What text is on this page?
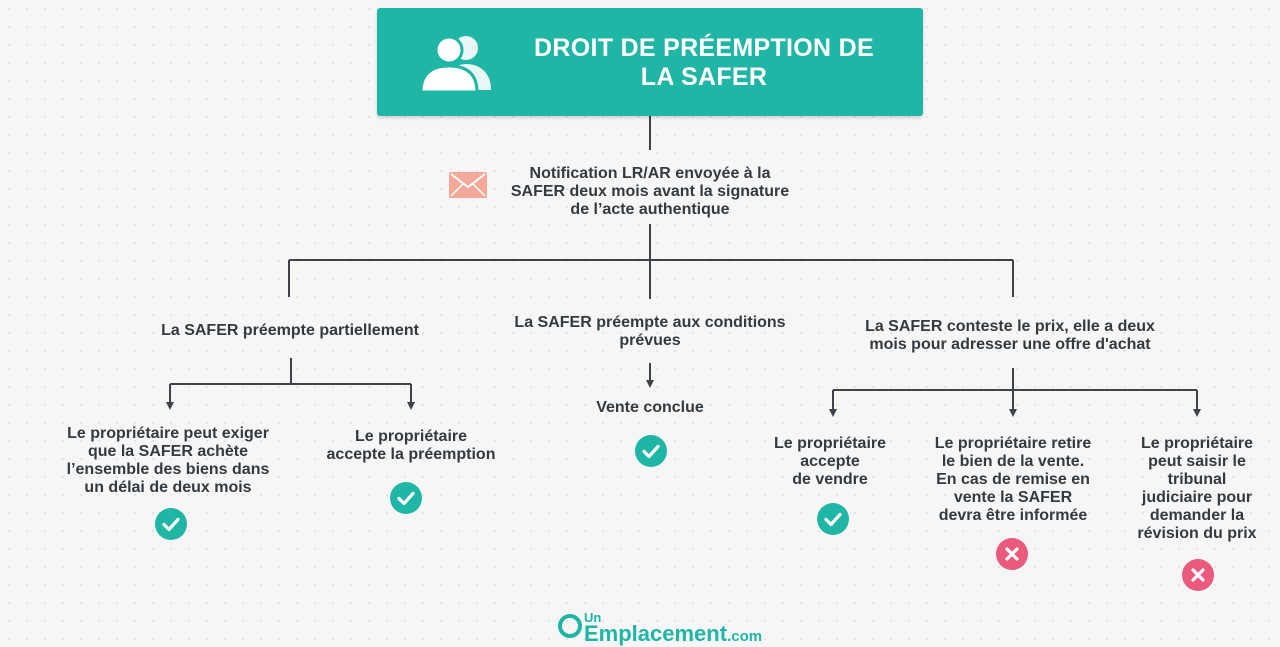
DROIT DE PRÉEMPTION DE
LA SAFER
Notification LR/AR envoyée à la
SAFER deux mois avant la signature
de l’acte authentique
La SAFER préempte partiellement	La SAFER préempte aux conditions
prévues
La SAFER conteste le prix, elle a deux
mois pour adresser une offre d'achat
Le propriétaire peut exiger
que la SAFER achète
l’ensemble des biens dans
un délai de deux mois
Le propriétaire
accepte la préemption
Vente conclue
Le propriétaire
accepte
de vendre
Le propriétaire retire
le bien de la vente.
En cas de remise en
vente la SAFER
devra être informée
Le propriétaire
peut saisir le
tribunal
judiciaire pour
demander la
révision du prix
Un
Emplacement.com
